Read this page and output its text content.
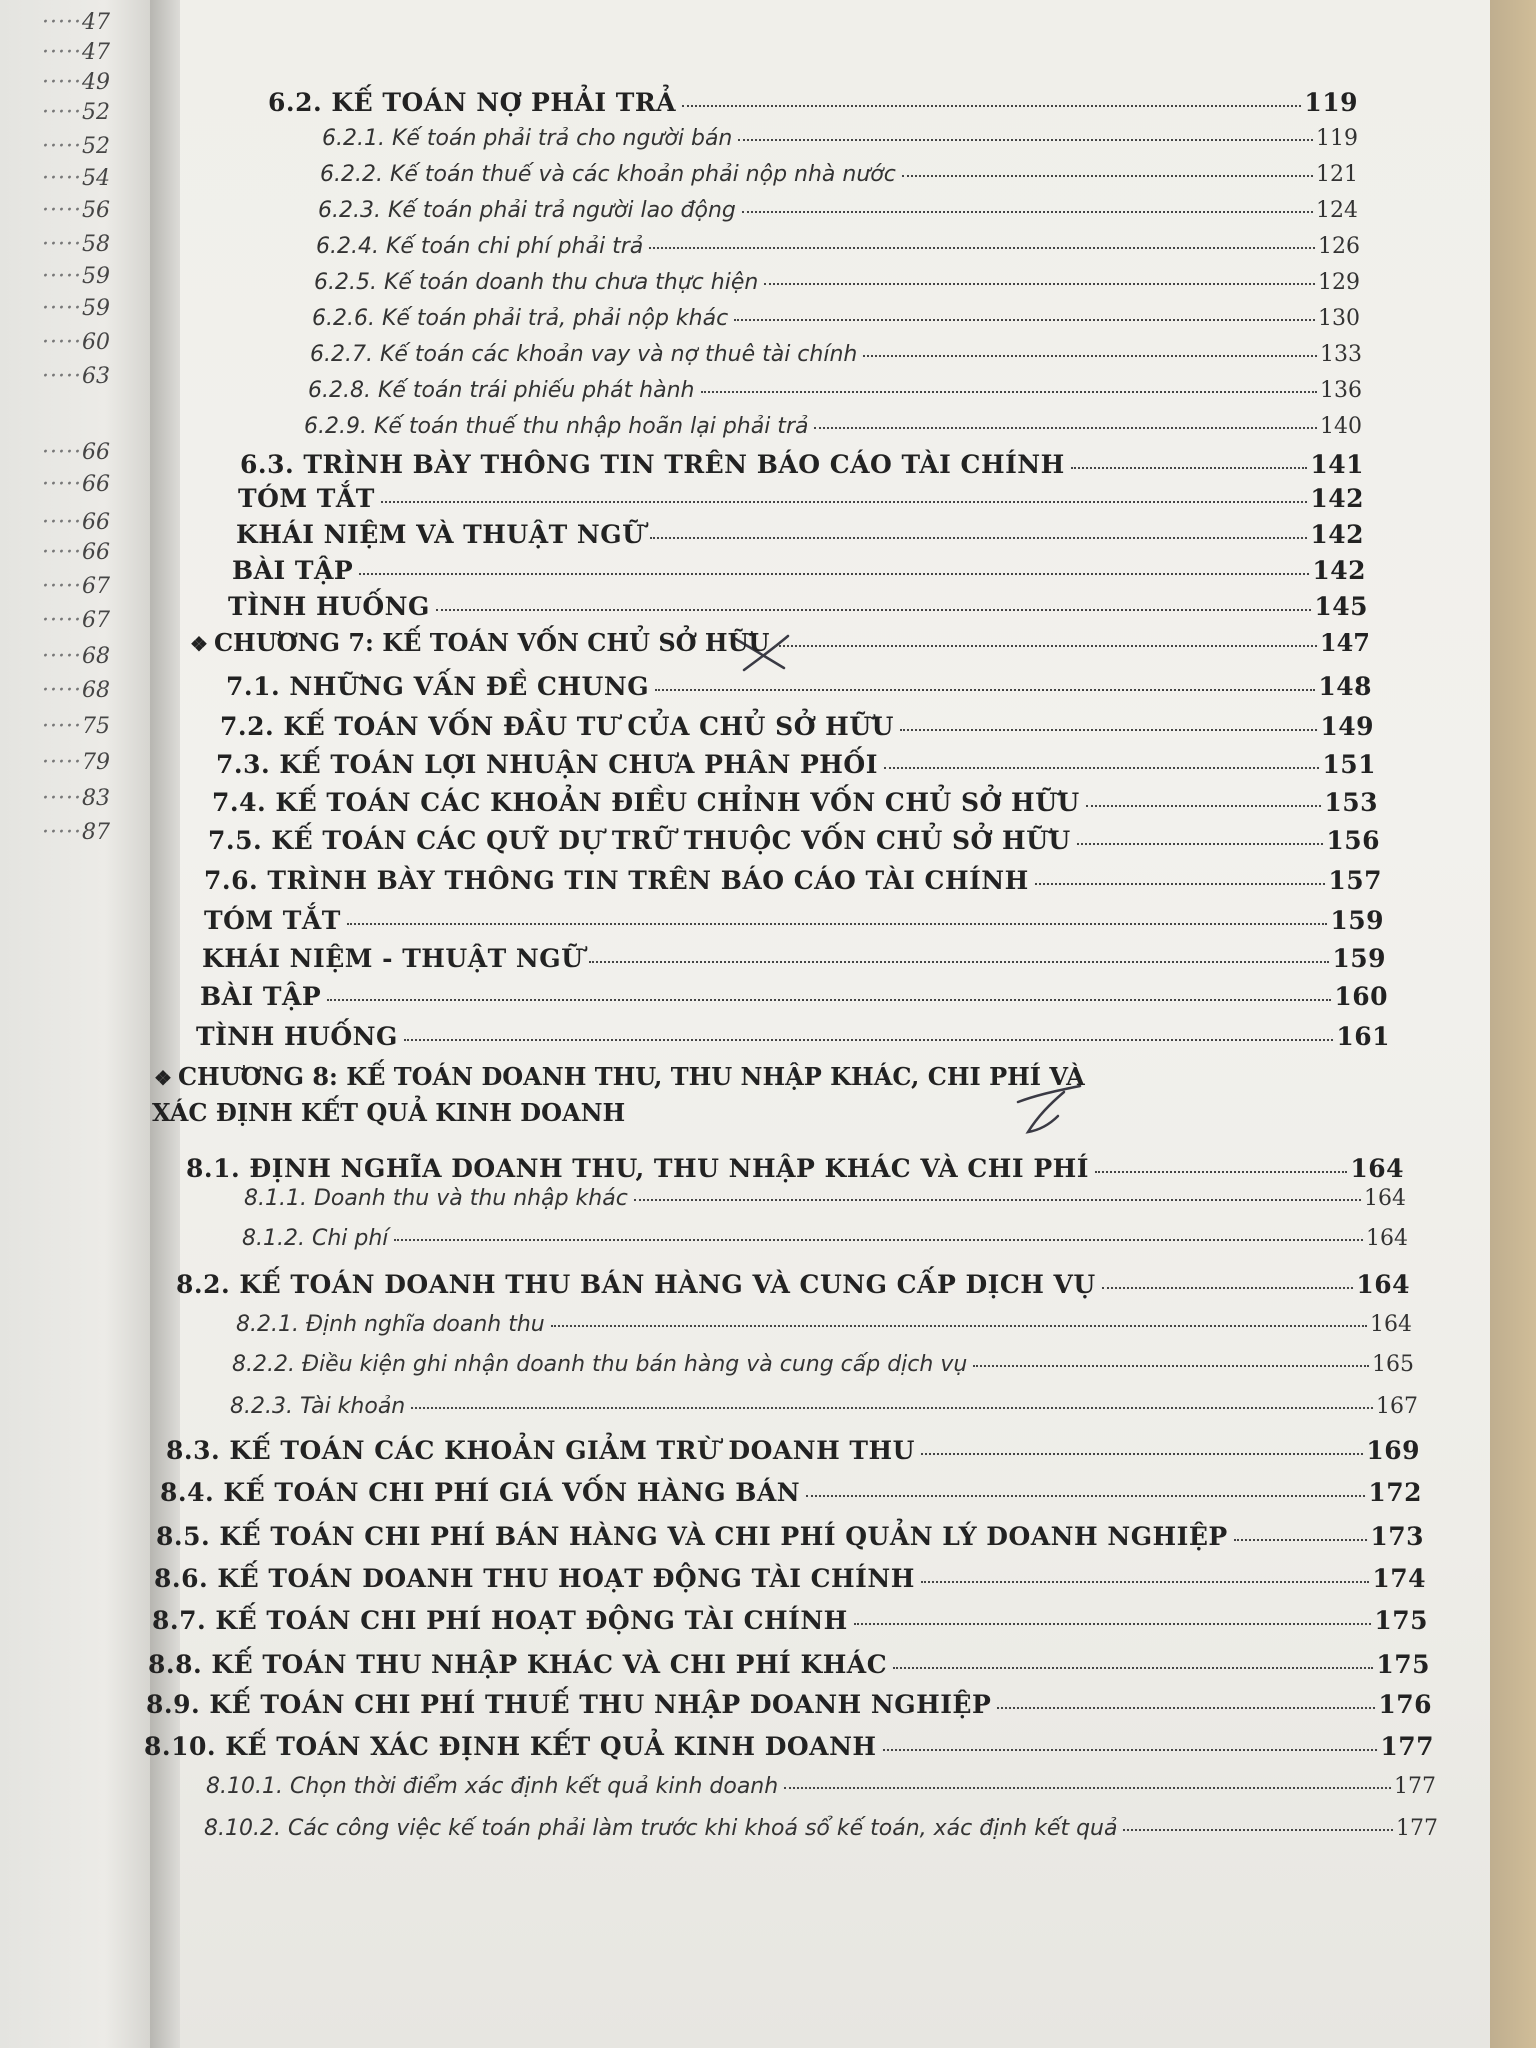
·····47
·····47
·····49
·····52
·····52
·····54
·····56
·····58
·····59
·····59
·····60
·····63
·····66
·····66
·····66
·····66
·····67
·····67
·····68
·····68
·····75
·····79
·····83
·····87
6.2. KẾ TOÁN NỢ PHẢI TRẢ	119
6.2.1. Kế toán phải trả cho người bán	119
6.2.2. Kế toán thuế và các khoản phải nộp nhà nước	121
6.2.3. Kế toán phải trả người lao động	124
6.2.4. Kế toán chi phí phải trả	126
6.2.5. Kế toán doanh thu chưa thực hiện	129
6.2.6. Kế toán phải trả, phải nộp khác	130
6.2.7. Kế toán các khoản vay và nợ thuê tài chính	133
6.2.8. Kế toán trái phiếu phát hành	136
6.2.9. Kế toán thuế thu nhập hoãn lại phải trả	140
6.3. TRÌNH BÀY THÔNG TIN TRÊN BÁO CÁO TÀI CHÍNH	141
TÓM TẮT	142
KHÁI NIỆM VÀ THUẬT NGỮ	142
BÀI TẬP	142
TÌNH HUỐNG	145
❖ CHƯƠNG 7: KẾ TOÁN VỐN CHỦ SỞ HỮU	147
7.1. NHỮNG VẤN ĐỀ CHUNG	148
7.2. KẾ TOÁN VỐN ĐẦU TƯ CỦA CHỦ SỞ HỮU	149
7.3. KẾ TOÁN LỢI NHUẬN CHƯA PHÂN PHỐI	151
7.4. KẾ TOÁN CÁC KHOẢN ĐIỀU CHỈNH VỐN CHỦ SỞ HỮU	153
7.5. KẾ TOÁN CÁC QUỸ DỰ TRỮ THUỘC VỐN CHỦ SỞ HỮU	156
7.6. TRÌNH BÀY THÔNG TIN TRÊN BÁO CÁO TÀI CHÍNH	157
TÓM TẮT	159
KHÁI NIỆM - THUẬT NGỮ	159
BÀI TẬP	160
TÌNH HUỐNG	161
❖ CHƯƠNG 8: KẾ TOÁN DOANH THU, THU NHẬP KHÁC, CHI PHÍ VÀ
XÁC ĐỊNH KẾT QUẢ KINH DOANH
8.1. ĐỊNH NGHĨA DOANH THU, THU NHẬP KHÁC VÀ CHI PHÍ	164
8.1.1. Doanh thu và thu nhập khác	164
8.1.2. Chi phí	164
8.2. KẾ TOÁN DOANH THU BÁN HÀNG VÀ CUNG CẤP DỊCH VỤ	164
8.2.1. Định nghĩa doanh thu	164
8.2.2. Điều kiện ghi nhận doanh thu bán hàng và cung cấp dịch vụ	165
8.2.3. Tài khoản	167
8.3. KẾ TOÁN CÁC KHOẢN GIẢM TRỪ DOANH THU	169
8.4. KẾ TOÁN CHI PHÍ GIÁ VỐN HÀNG BÁN	172
8.5. KẾ TOÁN CHI PHÍ BÁN HÀNG VÀ CHI PHÍ QUẢN LÝ DOANH NGHIỆP	173
8.6. KẾ TOÁN DOANH THU HOẠT ĐỘNG TÀI CHÍNH	174
8.7. KẾ TOÁN CHI PHÍ HOẠT ĐỘNG TÀI CHÍNH	175
8.8. KẾ TOÁN THU NHẬP KHÁC VÀ CHI PHÍ KHÁC	175
8.9. KẾ TOÁN CHI PHÍ THUẾ THU NHẬP DOANH NGHIỆP	176
8.10. KẾ TOÁN XÁC ĐỊNH KẾT QUẢ KINH DOANH	177
8.10.1. Chọn thời điểm xác định kết quả kinh doanh	177
8.10.2. Các công việc kế toán phải làm trước khi khoá sổ kế toán, xác định kết quả	177
